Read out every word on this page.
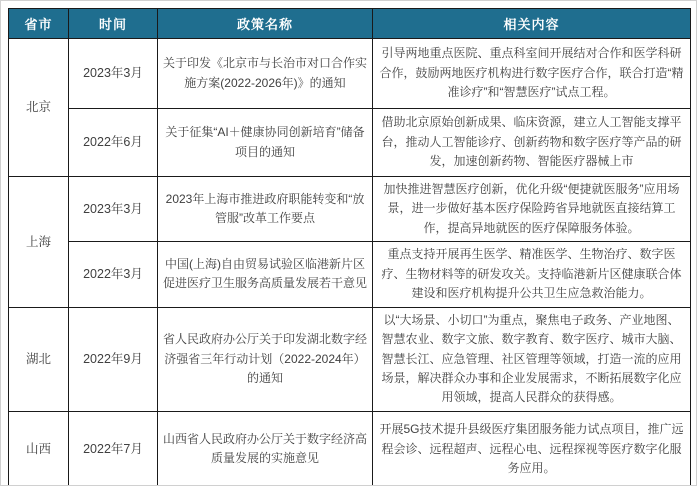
省市	时间	政策名称	相关内容
北京	2023年3月	关于印发《北京市与长治市对口合作实施方案(2022-2026年)》的通知	引导两地重点医院、重点科室间开展结对合作和医学科研合作，鼓励两地医疗机构进行数字医疗合作，联合打造“精准诊疗”和“智慧医疗”试点工程。
	2022年6月	关于征集“AI＋健康协同创新培育”储备项目的通知	借助北京原始创新成果、临床资源，建立人工智能支撑平台，推动人工智能诊疗、创新药物和数字医疗等产品的研发，加速创新药物、智能医疗器械上市
上海	2023年3月	2023年上海市推进政府职能转变和“放管服”改革工作要点	加快推进智慧医疗创新，优化升级“便捷就医服务”应用场景，进一步做好基本医疗保险跨省异地就医直接结算工作，提高异地就医的医疗保障服务体验。
	2022年3月	中国(上海)自由贸易试验区临港新片区促进医疗卫生服务高质量发展若干意见	重点支持开展再生医学、精准医学、生物治疗、数字医疗、生物材料等的研发攻关。支持临港新片区健康联合体建设和医疗机构提升公共卫生应急救治能力。
湖北	2022年9月	省人民政府办公厅关于印发湖北数字经济强省三年行动计划（2022-2024年）的通知	以“大场景、小切口”为重点，聚焦电子政务、产业地图、智慧农业、数字文旅、数字教育、数字医疗、城市大脑、智慧长江、应急管理、社区管理等领域，打造一流的应用场景，解决群众办事和企业发展需求，不断拓展数字化应用领域，提高人民群众的获得感。
山西	2022年7月	山西省人民政府办公厅关于数字经济高质量发展的实施意见	开展5G技术提升县级医疗集团服务能力试点项目，推广远程会诊、远程超声、远程心电、远程探视等医疗数字化服务应用。
